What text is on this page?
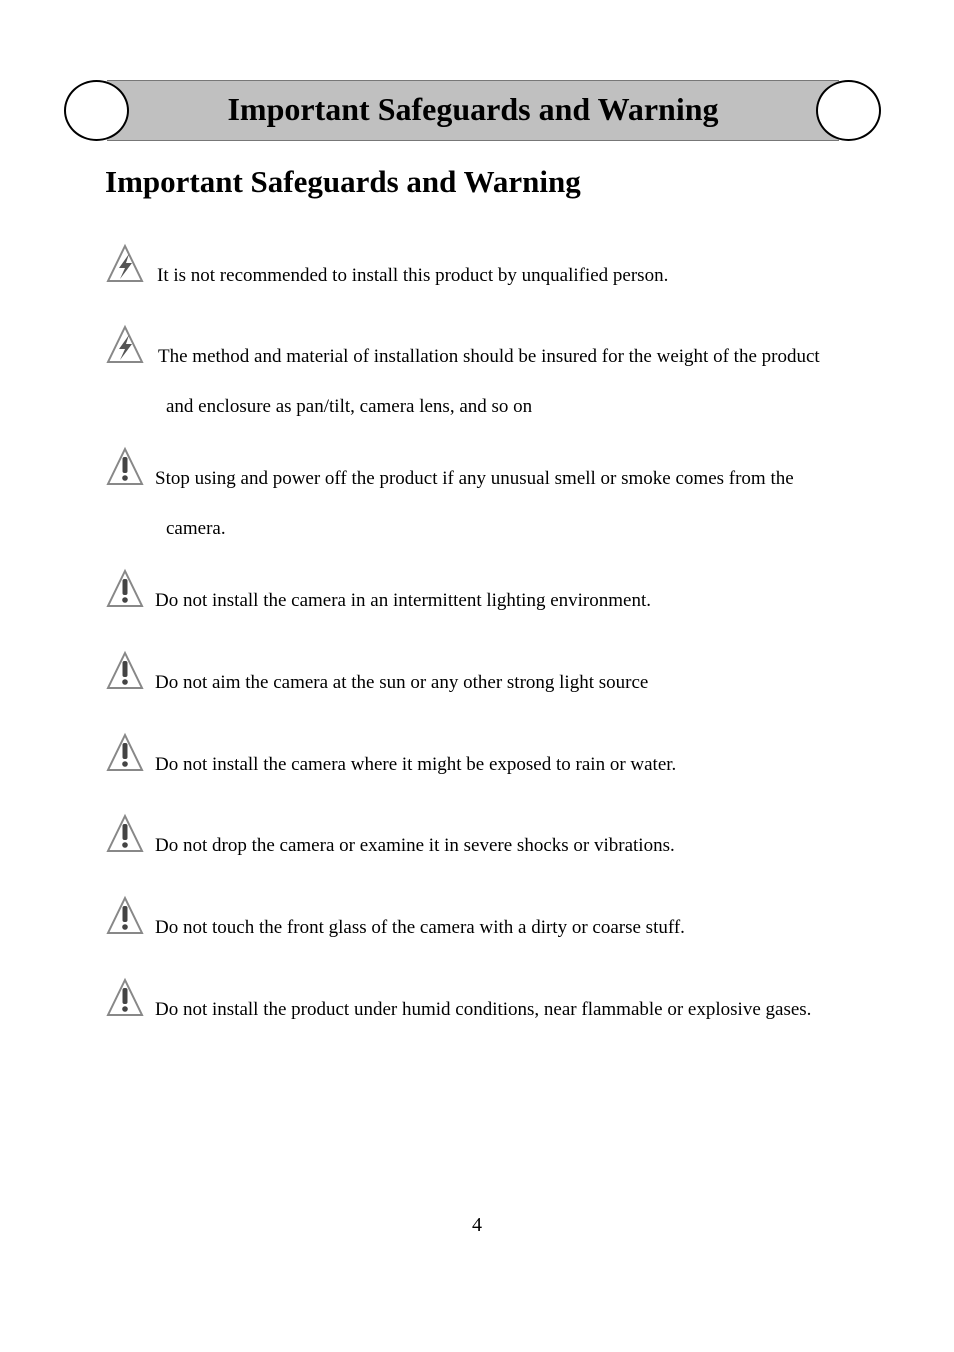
Important Safeguards and Warning
Important Safeguards and Warning
It is not recommended to install this product by unqualified person.
The method and material of installation should be insured for the weight of the product
and enclosure as pan/tilt, camera lens, and so on
Stop using and power off the product if any unusual smell or smoke comes from the
camera.
Do not install the camera in an intermittent lighting environment.
Do not aim the camera at the sun or any other strong light source
Do not install the camera where it might be exposed to rain or water.
Do not drop the camera or examine it in severe shocks or vibrations.
Do not touch the front glass of the camera with a dirty or coarse stuff.
Do not install the product under humid conditions, near flammable or explosive gases.
4
